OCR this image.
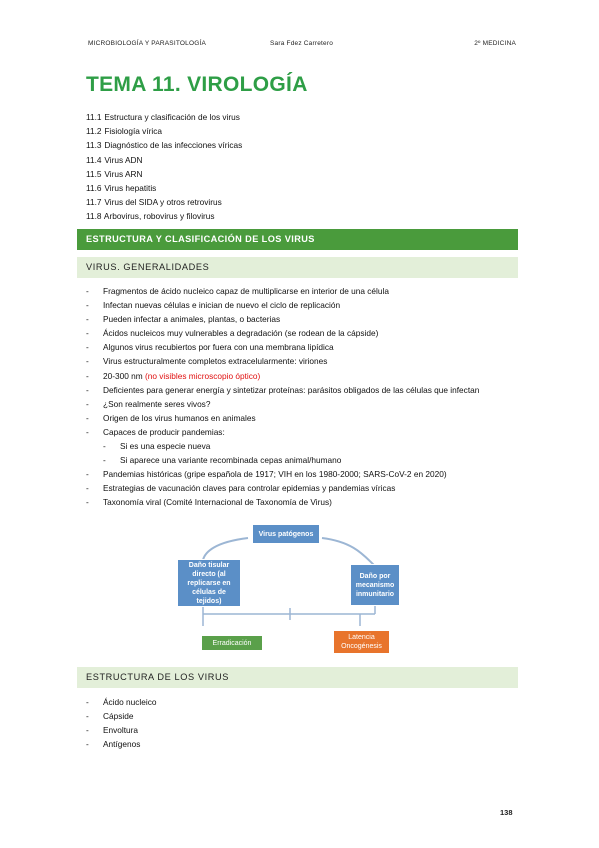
MICROBIOLOGÍA Y PARASITOLOGÍA	Sara Fdez Carretero	2º MEDICINA
TEMA 11. VIROLOGÍA
11.1 Estructura y clasificación de los virus
11.2 Fisiología vírica
11.3 Diagnóstico de las infecciones víricas
11.4 Virus ADN
11.5 Virus ARN
11.6 Virus hepatitis
11.7 Virus del SIDA y otros retrovirus
11.8 Arbovirus, robovirus y filovirus
ESTRUCTURA Y CLASIFICACIÓN DE LOS VIRUS
VIRUS. GENERALIDADES
- Fragmentos de ácido nucleico capaz de multiplicarse en interior de una célula
- Infectan nuevas células e inician de nuevo el ciclo de replicación
- Pueden infectar a animales, plantas, o bacterias
- Ácidos nucleicos muy vulnerables a degradación (se rodean de la cápside)
- Algunos virus recubiertos por fuera con una membrana lipídica
- Virus estructuralmente completos extracelularmente: viriones
- 20-300 nm (no visibles microscopio óptico)
- Deficientes para generar energía y sintetizar proteínas: parásitos obligados de las células que infectan
- ¿Son realmente seres vivos?
- Origen de los virus humanos en animales
- Capaces de producir pandemias:
- Si es una especie nueva
- Si aparece una variante recombinada cepas animal/humano
- Pandemias históricas (gripe española de 1917; VIH en los 1980-2000; SARS-CoV-2 en 2020)
- Estrategias de vacunación claves para controlar epidemias y pandemias víricas
- Taxonomía viral (Comité Internacional de Taxonomía de Virus)
Virus patógenos
Daño tisular directo (al replicarse en células de tejidos)
Daño por mecanismo inmunitario
Erradicación
Latencia Oncogénesis
ESTRUCTURA DE LOS VIRUS
- Ácido nucleico
- Cápside
- Envoltura
- Antígenos
138
